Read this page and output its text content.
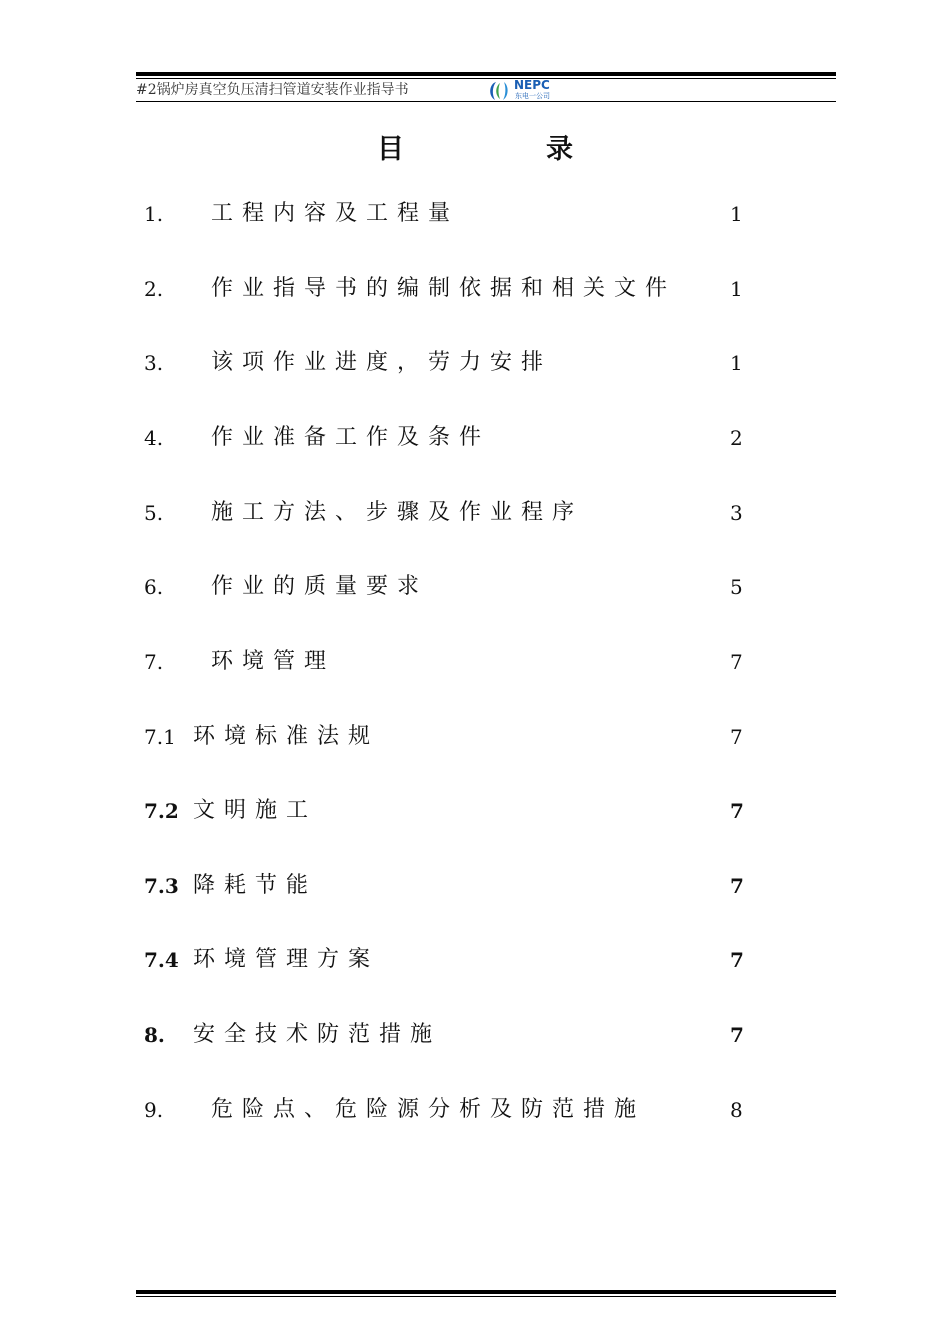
#2锅炉房真空负压清扫管道安装作业指导书	NEPC
东电一公司
目	录
1. 工程内容及工程量	1
2. 作业指导书的编制依据和相关文件	1
3. 该项作业进度，劳力安排	1
4. 作业准备工作及条件	2
5. 施工方法、步骤及作业程序	3
6. 作业的质量要求	5
7. 环境管理	7
7.1 环境标准法规	7
7.2 文明施工	7
7.3 降耗节能	7
7.4 环境管理方案	7
8. 安全技术防范措施	7
9. 危险点、危险源分析及防范措施	8
